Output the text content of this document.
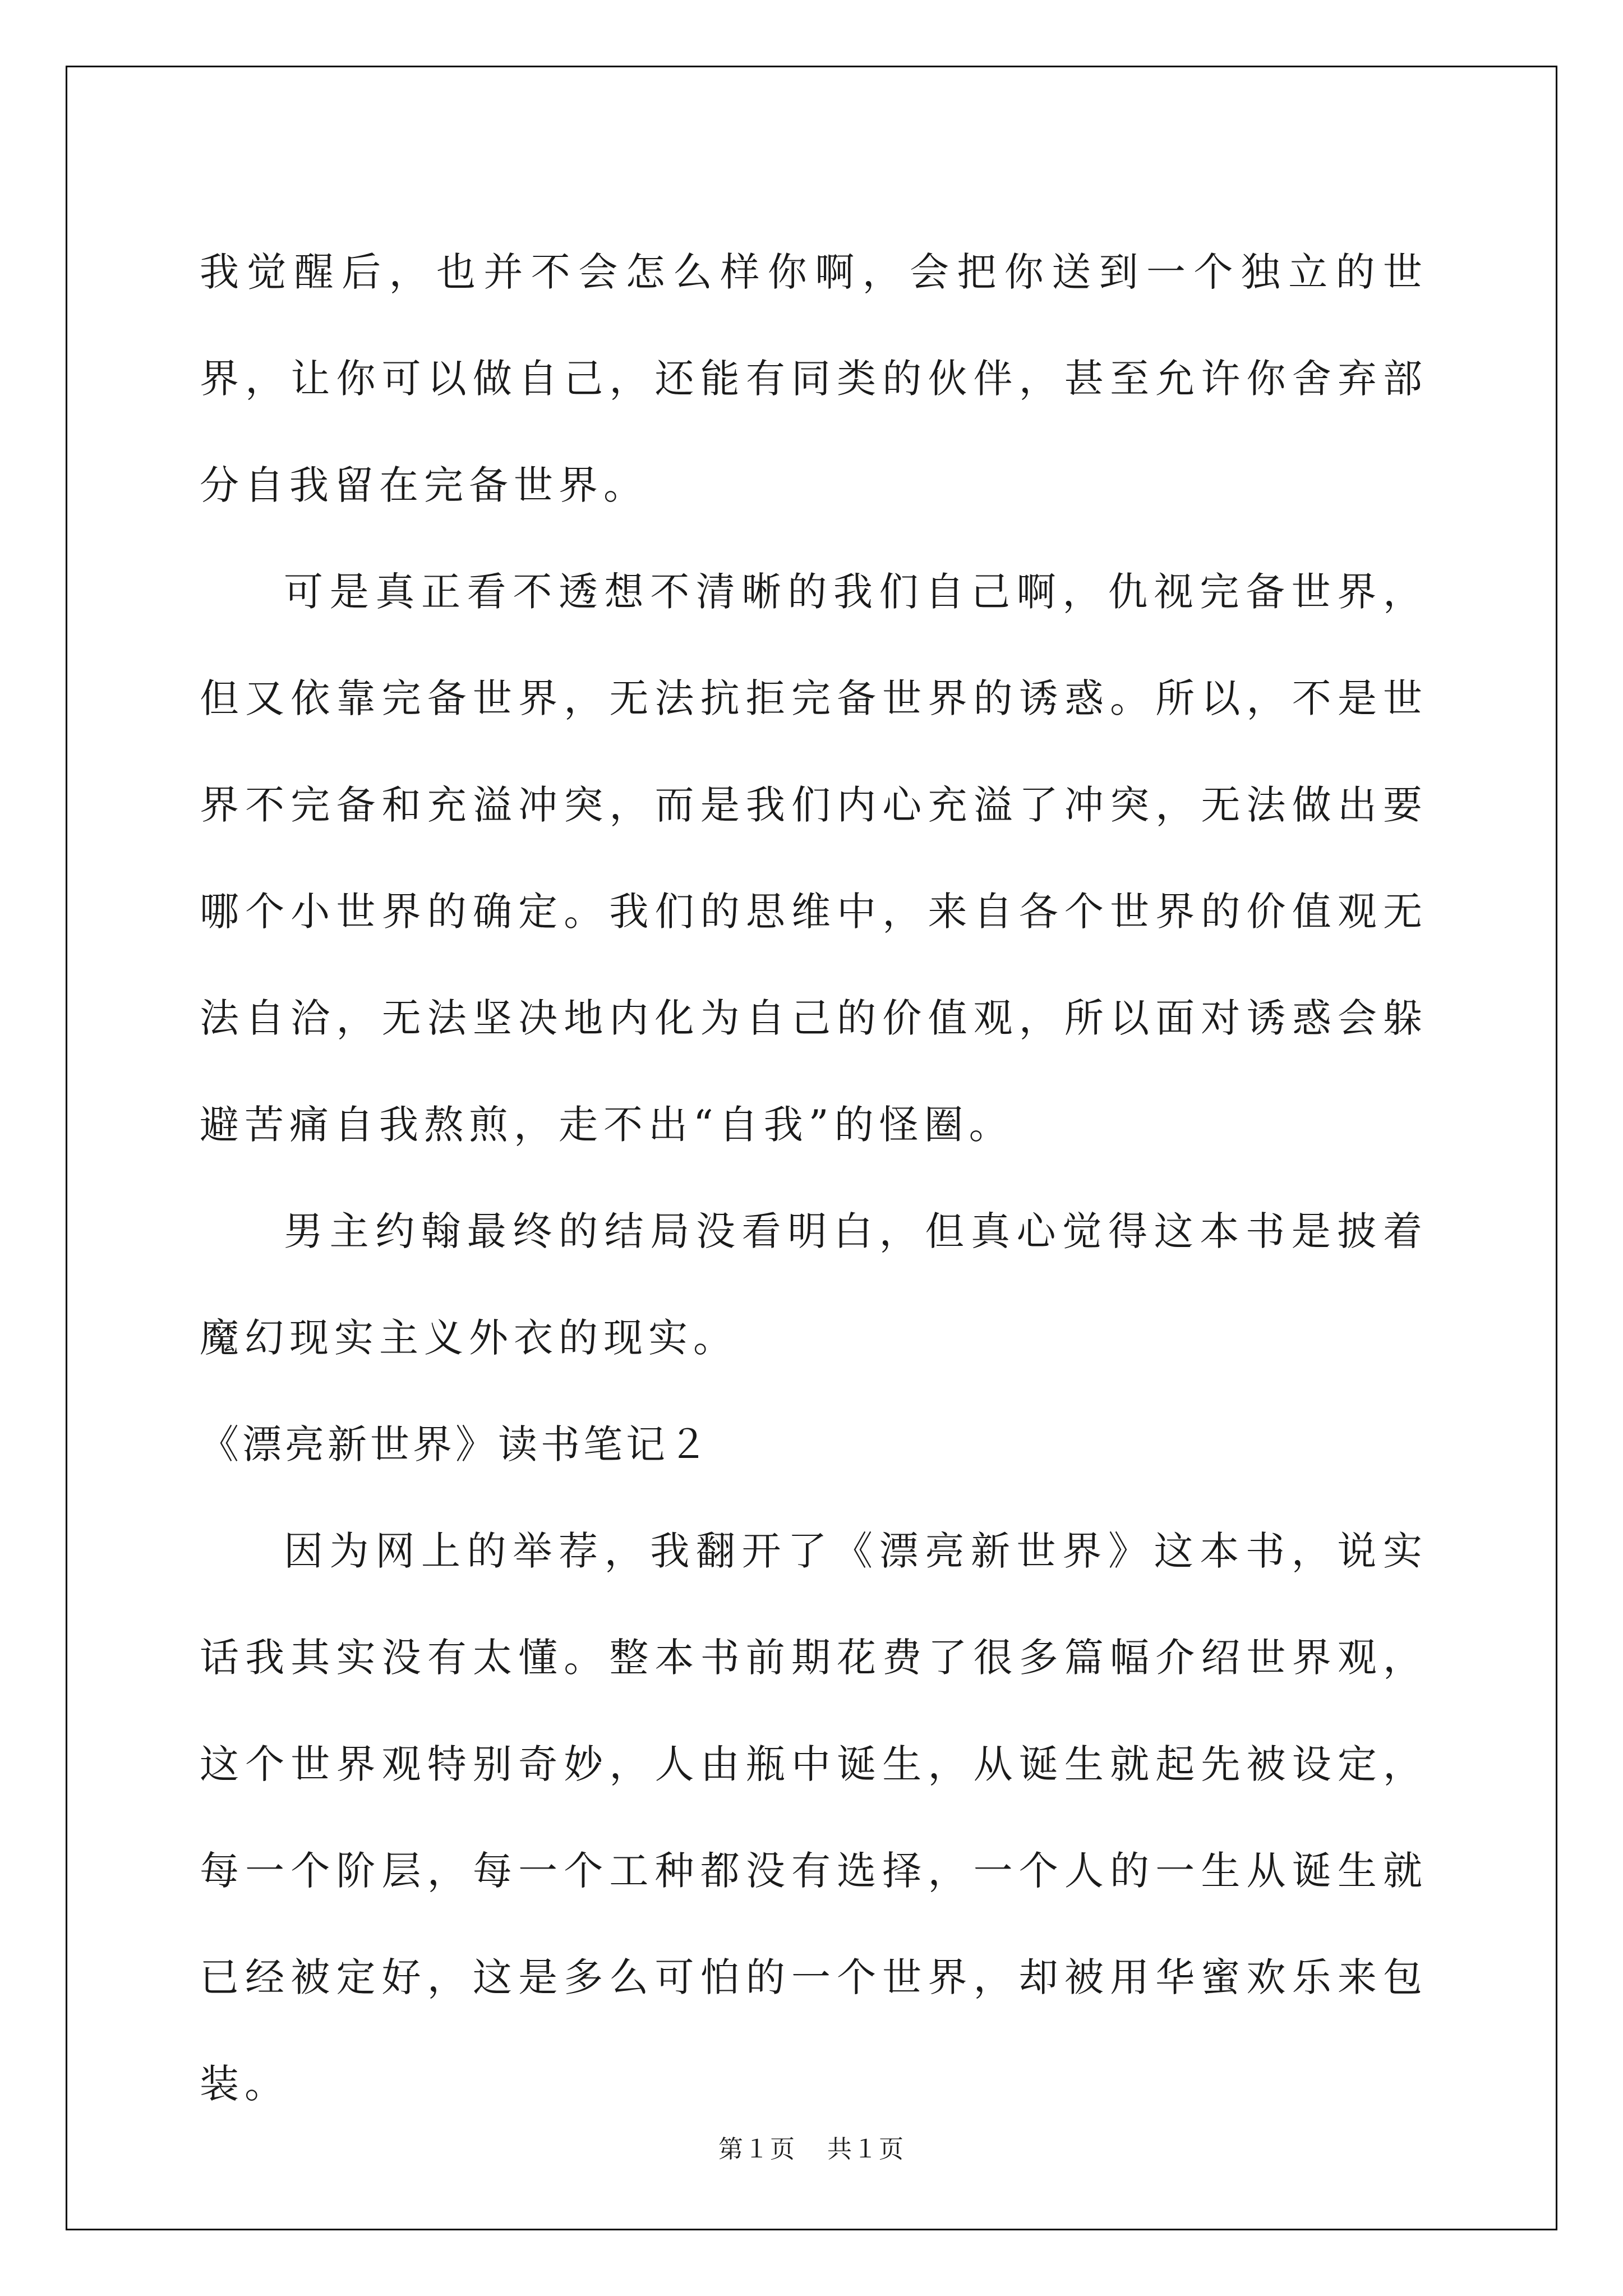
我觉醒后，也并不会怎么样你啊，会把你送到一个独立的世界，让你可以做自己，还能有同类的伙伴，甚至允许你舍弃部分自我留在完备世界。

可是真正看不透想不清晰的我们自己啊，仇视完备世界，但又依靠完备世界，无法抗拒完备世界的诱惑。所以，不是世界不完备和充溢冲突，而是我们内心充溢了冲突，无法做出要哪个小世界的确定。我们的思维中，来自各个世界的价值观无法自洽，无法坚决地内化为自己的价值观，所以面对诱惑会躲避苦痛自我熬煎，走不出“自我”的怪圈。

男主约翰最终的结局没看明白，但真心觉得这本书是披着魔幻现实主义外衣的现实。

《漂亮新世界》读书笔记２

因为网上的举荐，我翻开了《漂亮新世界》这本书，说实话我其实没有太懂。整本书前期花费了很多篇幅介绍世界观，这个世界观特别奇妙，人由瓶中诞生，从诞生就起先被设定，每一个阶层，每一个工种都没有选择，一个人的一生从诞生就已经被定好，这是多么可怕的一个世界，却被用华蜜欢乐来包装。

第１页 共１页
